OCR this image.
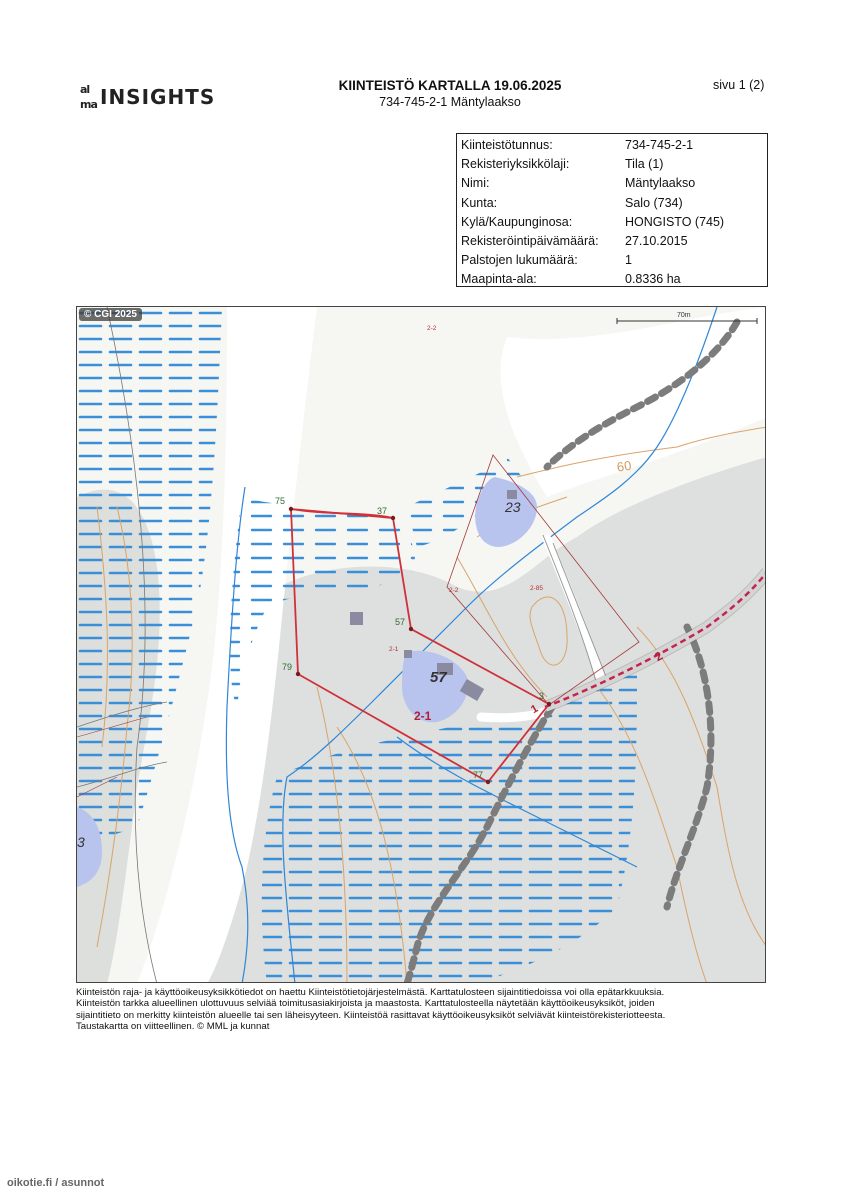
al
ma INSIGHTS	KIINTEISTÖ KARTALLA 19.06.2025
734-745-2-1 Mäntylaakso
sivu 1 (2)
Kiinteistötunnus:	734-745-2-1
Rekisteriyksikkölaji:	Tila (1)
Nimi:	Mäntylaakso
Kunta:	Salo (734)
Kylä/Kaupunginosa:	HONGISTO (745)
Rekisteröintipäivämäärä:	27.10.2015
Palstojen lukumäärä:	1
Maapinta-ala:	0.8336 ha
75
37
57
79
3
77
23
57
3
60
2-2
2-2	2-85
2-1
2-1
2
1
© CGI 2025	70m
Kiinteistön raja- ja käyttöoikeusyksikkötiedot on haettu Kiinteistötietojärjestelmästä. Karttatulosteen sijaintitiedoissa voi olla epätarkkuuksia.
Kiinteistön tarkka alueellinen ulottuvuus selviää toimitusasiakirjoista ja maastosta. Karttatulosteella näytetään käyttöoikeusyksiköt, joiden
sijaintitieto on merkitty kiinteistön alueelle tai sen läheisyyteen. Kiinteistöä rasittavat käyttöoikeusyksiköt selviävät kiinteistörekisteriotteesta.
Taustakartta on viitteellinen. © MML ja kunnat
oikotie.fi / asunnot
